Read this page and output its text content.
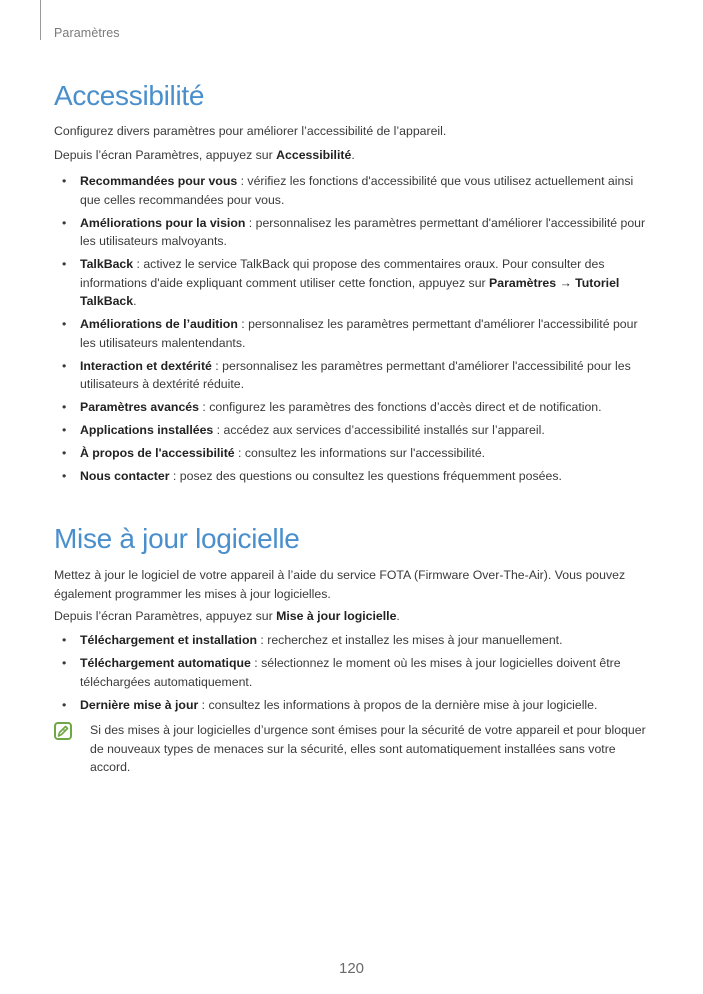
Paramètres
Accessibilité

Configurez divers paramètres pour améliorer l’accessibilité de l’appareil.

Depuis l’écran Paramètres, appuyez sur Accessibilité.

• Recommandées pour vous : vérifiez les fonctions d'accessibilité que vous utilisez actuellement ainsi que celles recommandées pour vous.
• Améliorations pour la vision : personnalisez les paramètres permettant d'améliorer l'accessibilité pour les utilisateurs malvoyants.
• TalkBack : activez le service TalkBack qui propose des commentaires oraux. Pour consulter des informations d'aide expliquant comment utiliser cette fonction, appuyez sur Paramètres → Tutoriel TalkBack.
• Améliorations de l’audition : personnalisez les paramètres permettant d'améliorer l'accessibilité pour les utilisateurs malentendants.
• Interaction et dextérité : personnalisez les paramètres permettant d'améliorer l'accessibilité pour les utilisateurs à dextérité réduite.
• Paramètres avancés : configurez les paramètres des fonctions d’accès direct et de notification.
• Applications installées : accédez aux services d’accessibilité installés sur l’appareil.
• À propos de l'accessibilité : consultez les informations sur l'accessibilité.
• Nous contacter : posez des questions ou consultez les questions fréquemment posées.
Mise à jour logicielle

Mettez à jour le logiciel de votre appareil à l’aide du service FOTA (Firmware Over-The-Air). Vous pouvez également programmer les mises à jour logicielles.

Depuis l’écran Paramètres, appuyez sur Mise à jour logicielle.

• Téléchargement et installation : recherchez et installez les mises à jour manuellement.
• Téléchargement automatique : sélectionnez le moment où les mises à jour logicielles doivent être téléchargées automatiquement.
• Dernière mise à jour : consultez les informations à propos de la dernière mise à jour logicielle.
Si des mises à jour logicielles d’urgence sont émises pour la sécurité de votre appareil et pour bloquer de nouveaux types de menaces sur la sécurité, elles sont automatiquement installées sans votre accord.
120
